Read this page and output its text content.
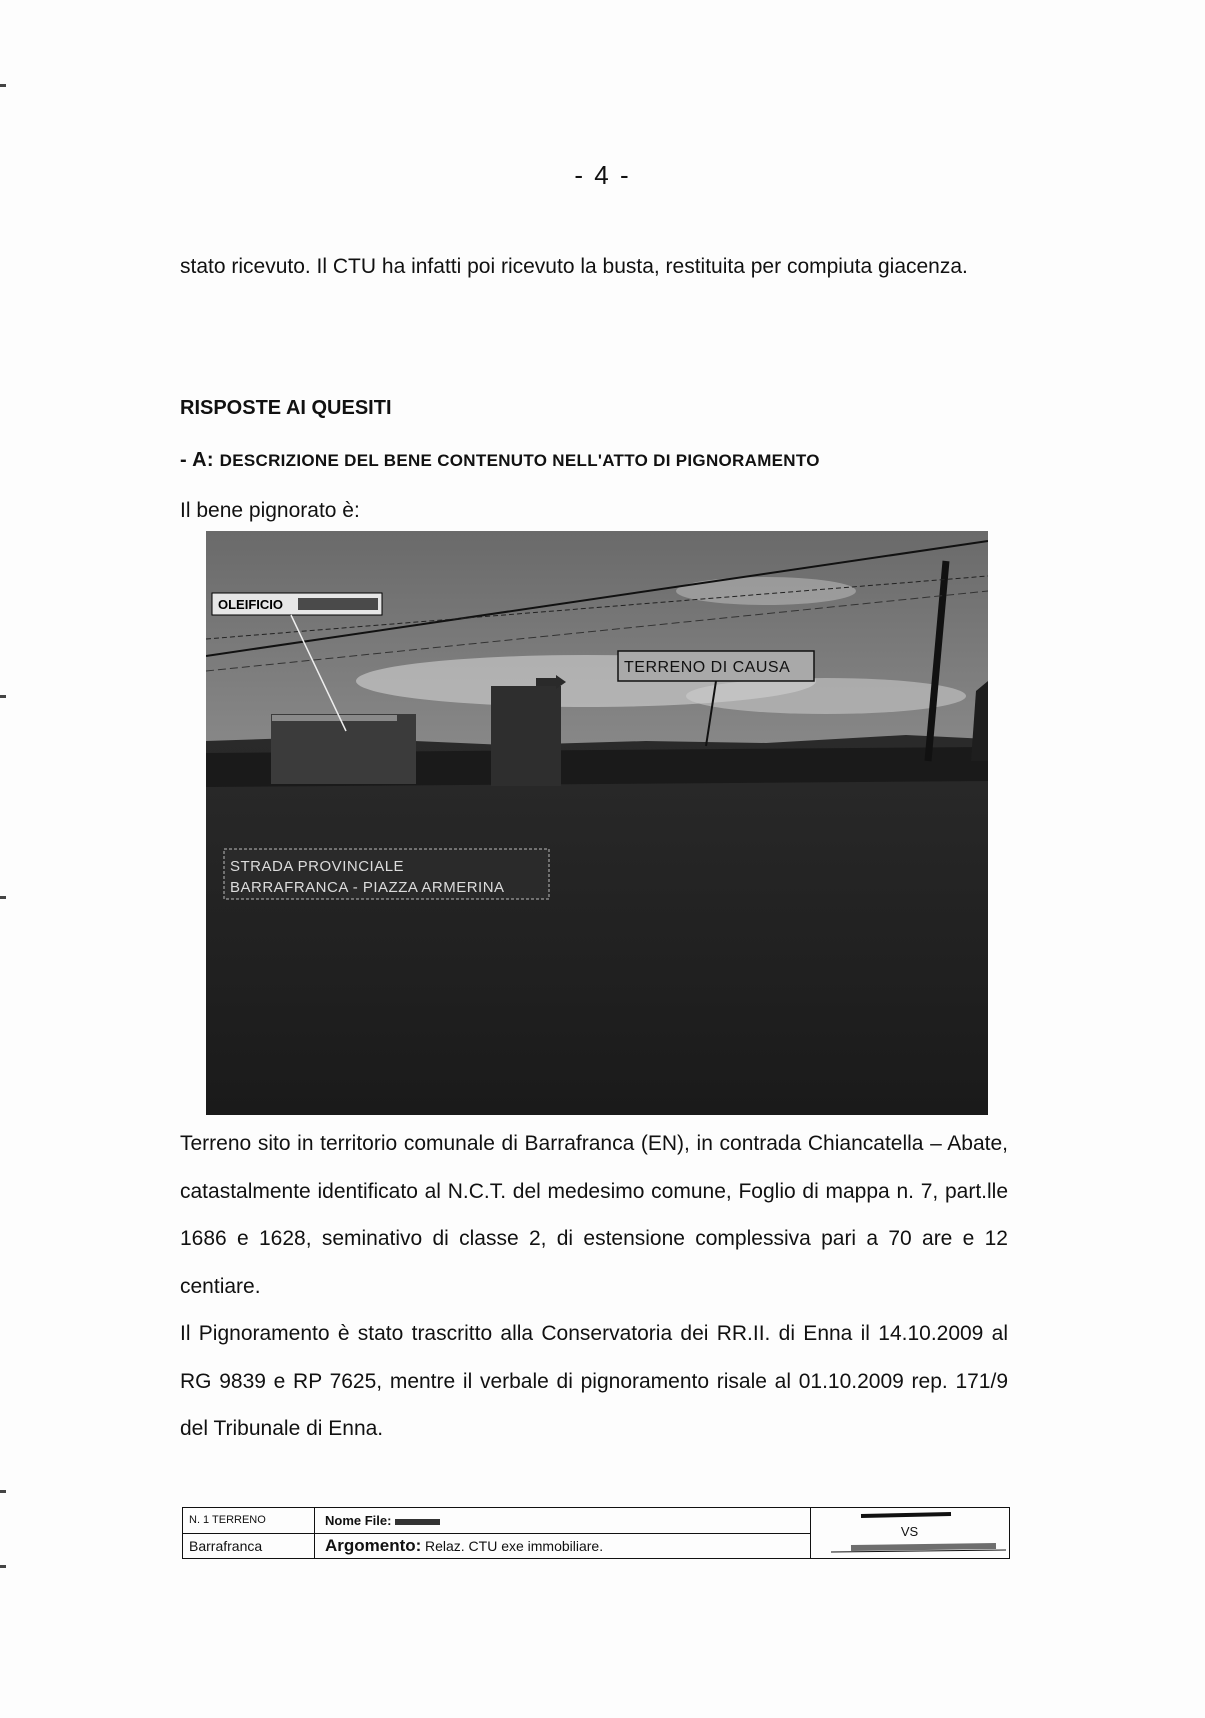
- 4 -

stato ricevuto. Il CTU ha infatti poi ricevuto la busta, restituita per compiuta giacenza.

RISPOSTE AI QUESITI
- A: DESCRIZIONE DEL BENE CONTENUTO NELL'ATTO DI PIGNORAMENTO
Il bene pignorato è:
OLEIFICIO
TERRENO DI CAUSA
STRADA PROVINCIALE
BARRAFRANCA - PIAZZA ARMERINA

Terreno sito in territorio comunale di Barrafranca (EN), in contrada Chiancatella – Abate, catastalmente identificato al N.C.T. del medesimo comune, Foglio di mappa n. 7, part.lle 1686 e 1628, seminativo di classe 2, di estensione complessiva pari a 70 are e 12 centiare.

Il Pignoramento è stato trascritto alla Conservatoria dei RR.II. di Enna il 14.10.2009 al RG 9839 e RP 7625, mentre il verbale di pignoramento risale al 01.10.2009 rep. 171/9 del Tribunale di Enna.

N. 1 TERRENO
Barrafranca
Nome File:
Argomento: Relaz. CTU exe immobiliare.
VS
